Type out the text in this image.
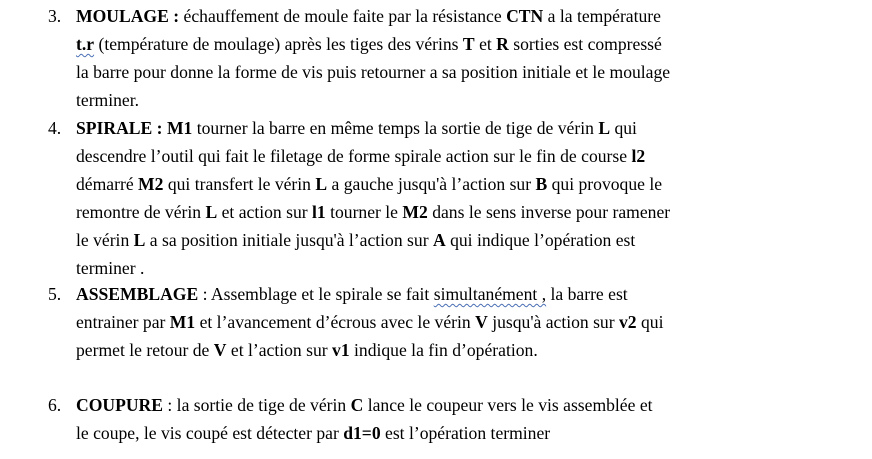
3. MOULAGE : échauffement de moule faite par la résistance CTN a la température
t.r (température de moulage) après les tiges des vérins T et R sorties est compressé
la barre pour donne la forme de vis puis retourner a sa position initiale et le moulage
terminer.
4. SPIRALE : M1 tourner la barre en même temps la sortie de tige de vérin L qui
descendre l’outil qui fait le filetage de forme spirale action sur le fin de course l2
démarré M2 qui transfert le vérin L a gauche jusqu'à l’action sur B qui provoque le
remontre de vérin L et action sur l1 tourner le M2 dans le sens inverse pour ramener
le vérin L a sa position initiale jusqu'à l’action sur A qui indique l’opération est
terminer .
5. ASSEMBLAGE : Assemblage et le spirale se fait simultanément , la barre est
entrainer par M1 et l’avancement d’écrous avec le vérin V jusqu'à action sur v2 qui
permet le retour de V et l’action sur v1 indique la fin d’opération.
6. COUPURE : la sortie de tige de vérin C lance le coupeur vers le vis assemblée et
le coupe, le vis coupé est détecter par d1=0 est l’opération terminer
